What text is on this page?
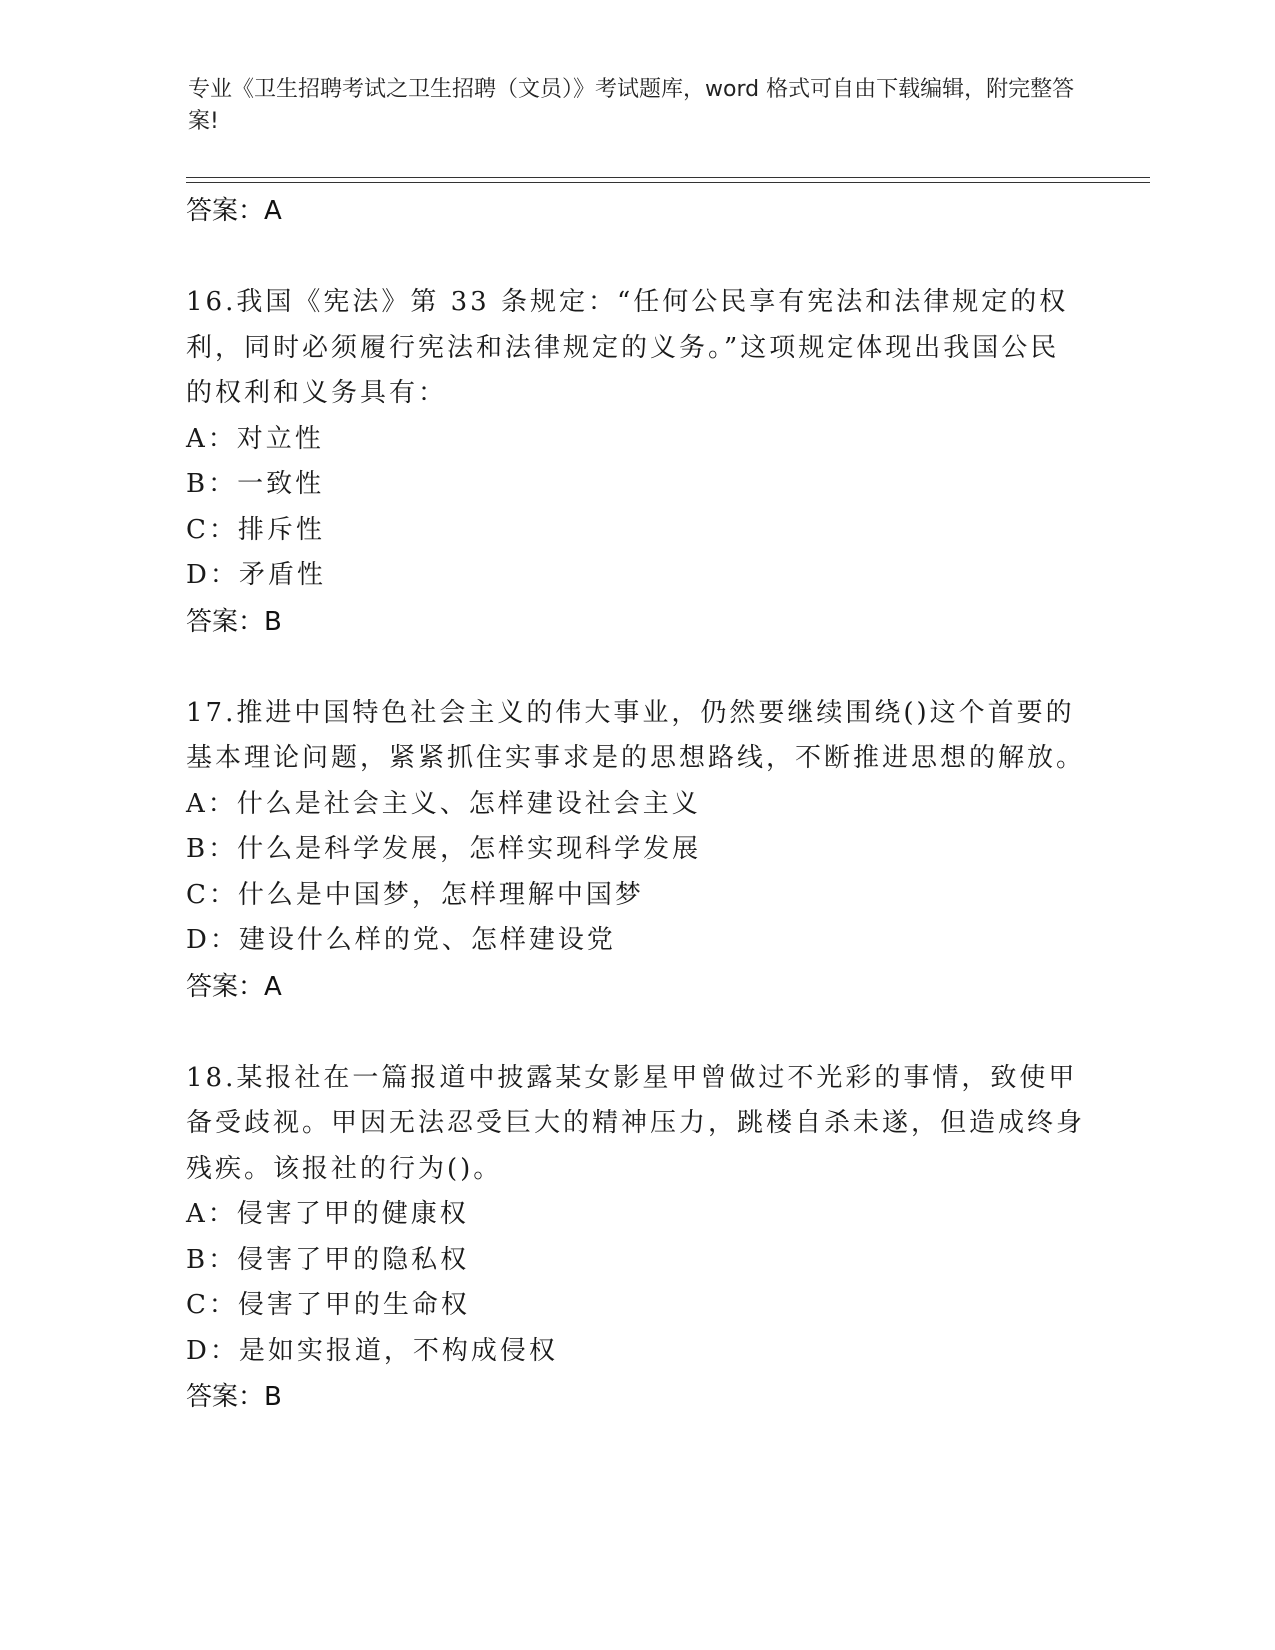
专业《卫生招聘考试之卫生招聘（文员）》考试题库，word 格式可自由下载编辑，附完整答案!
答案：A
16.我国《宪法》第 33 条规定：“任何公民享有宪法和法律规定的权利，同时必须履行宪法和法律规定的义务。”这项规定体现出我国公民的权利和义务具有：
A：对立性
B：一致性
C：排斥性
D：矛盾性
答案：B
17.推进中国特色社会主义的伟大事业，仍然要继续围绕()这个首要的基本理论问题，紧紧抓住实事求是的思想路线，不断推进思想的解放。
A：什么是社会主义、怎样建设社会主义
B：什么是科学发展，怎样实现科学发展
C：什么是中国梦，怎样理解中国梦
D：建设什么样的党、怎样建设党
答案：A
18.某报社在一篇报道中披露某女影星甲曾做过不光彩的事情，致使甲备受歧视。甲因无法忍受巨大的精神压力，跳楼自杀未遂，但造成终身残疾。该报社的行为()。
A：侵害了甲的健康权
B：侵害了甲的隐私权
C：侵害了甲的生命权
D：是如实报道，不构成侵权
答案：B
